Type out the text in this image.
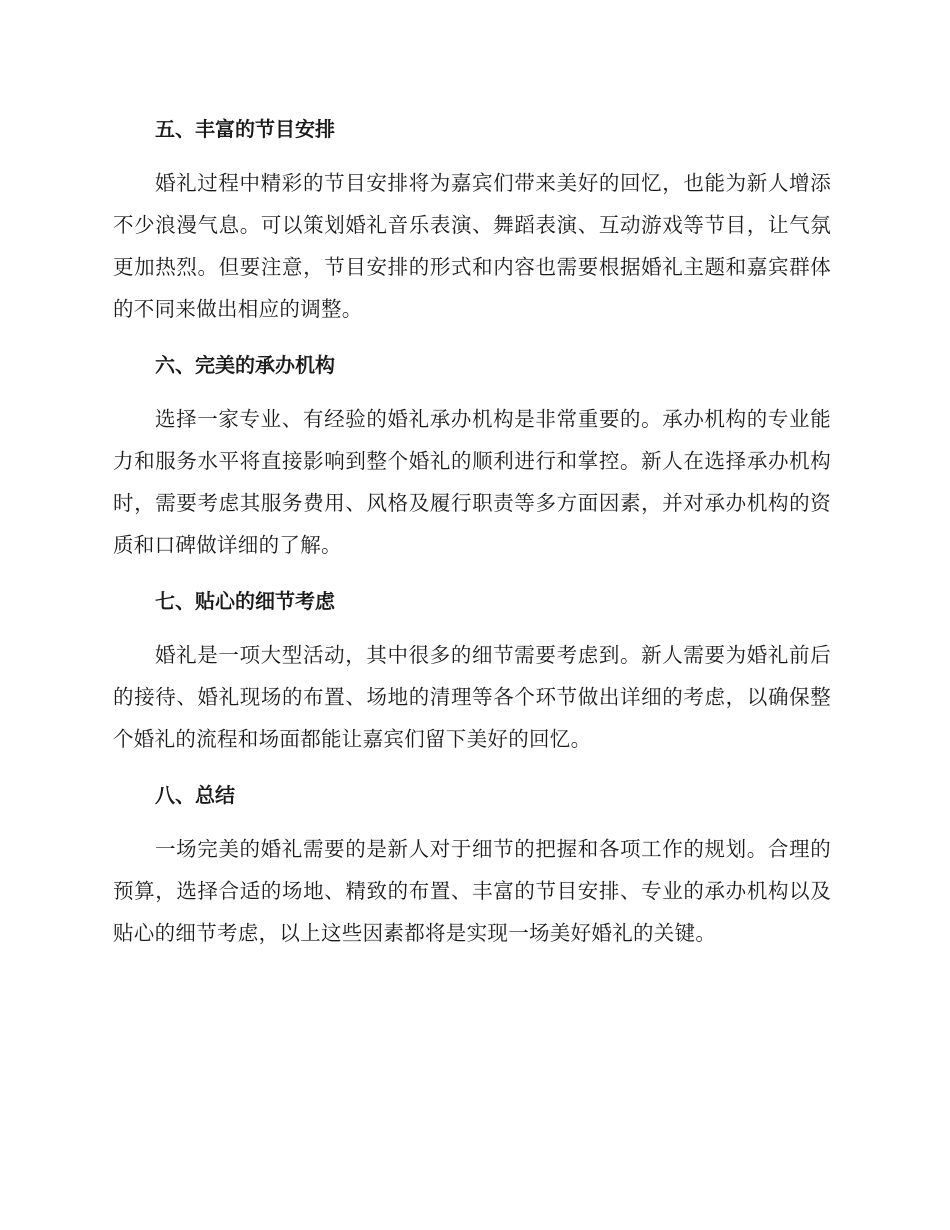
五、丰富的节目安排

婚礼过程中精彩的节目安排将为嘉宾们带来美好的回忆，也能为新人增添不少浪漫气息。可以策划婚礼音乐表演、舞蹈表演、互动游戏等节目，让气氛更加热烈。但要注意，节目安排的形式和内容也需要根据婚礼主题和嘉宾群体的不同来做出相应的调整。

六、完美的承办机构

选择一家专业、有经验的婚礼承办机构是非常重要的。承办机构的专业能力和服务水平将直接影响到整个婚礼的顺利进行和掌控。新人在选择承办机构时，需要考虑其服务费用、风格及履行职责等多方面因素，并对承办机构的资质和口碑做详细的了解。

七、贴心的细节考虑

婚礼是一项大型活动，其中很多的细节需要考虑到。新人需要为婚礼前后的接待、婚礼现场的布置、场地的清理等各个环节做出详细的考虑，以确保整个婚礼的流程和场面都能让嘉宾们留下美好的回忆。

八、总结

一场完美的婚礼需要的是新人对于细节的把握和各项工作的规划。合理的预算，选择合适的场地、精致的布置、丰富的节目安排、专业的承办机构以及贴心的细节考虑，以上这些因素都将是实现一场美好婚礼的关键。
